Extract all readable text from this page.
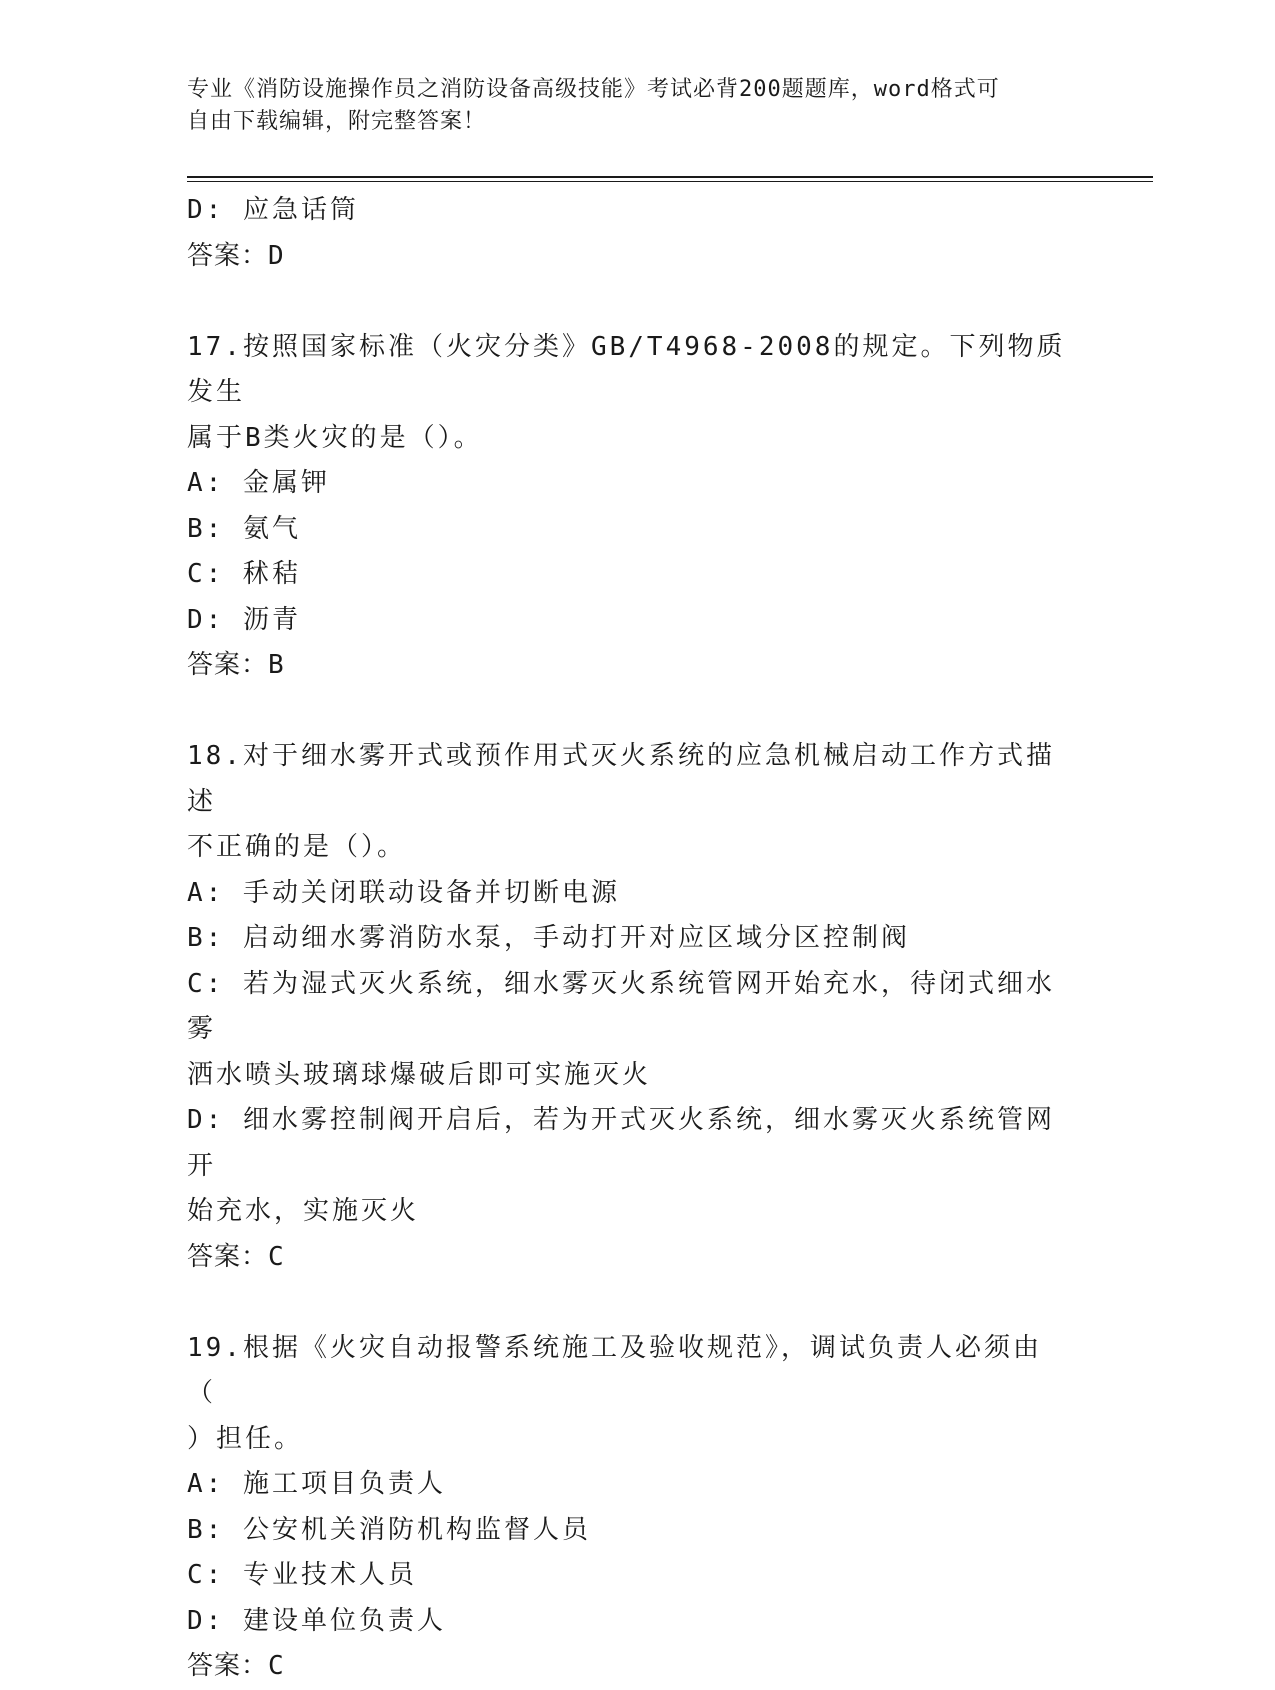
专业《消防设施操作员之消防设备高级技能》考试必背200题题库，word格式可

自由下载编辑，附完整答案！

D: 应急话筒

答案：D

17.按照国家标准（火灾分类》GB/T4968-2008的规定。下列物质发生

属于B类火灾的是（）。

A: 金属钾

B: 氨气

C: 秫秸

D: 沥青

答案：B

18.对于细水雾开式或预作用式灭火系统的应急机械启动工作方式描述

不正确的是（）。

A: 手动关闭联动设备并切断电源

B: 启动细水雾消防水泵，手动打开对应区域分区控制阀

C: 若为湿式灭火系统，细水雾灭火系统管网开始充水，待闭式细水雾

洒水喷头玻璃球爆破后即可实施灭火

D: 细水雾控制阀开启后，若为开式灭火系统，细水雾灭火系统管网开

始充水，实施灭火

答案：C

19.根据《火灾自动报警系统施工及验收规范》，调试负责人必须由（

）担任。

A: 施工项目负责人

B: 公安机关消防机构监督人员

C: 专业技术人员

D: 建设单位负责人

答案：C
